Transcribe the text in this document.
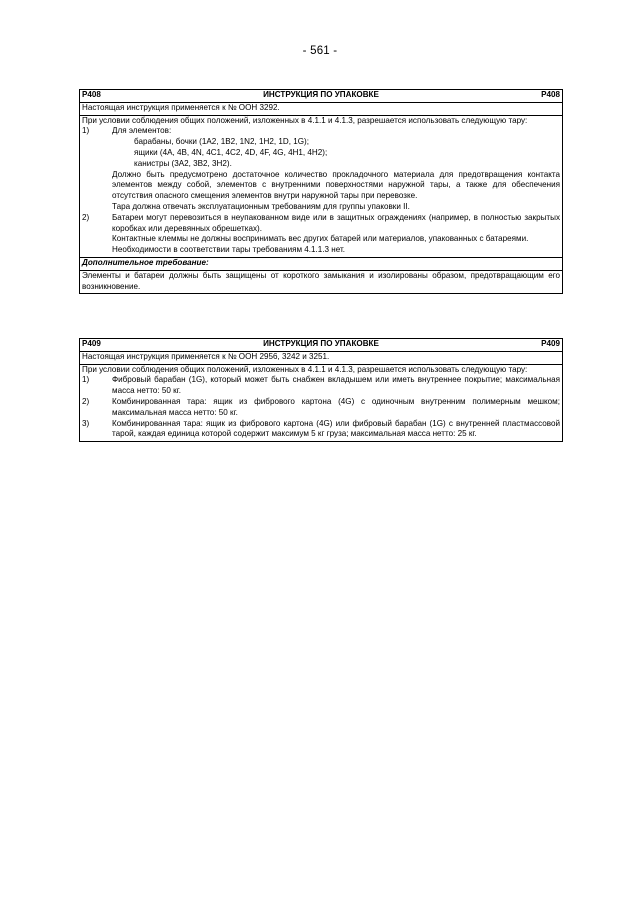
- 561 -
P408	ИНСТРУКЦИЯ ПО УПАКОВКЕ	P408

Настоящая инструкция применяется к № ООН 3292.

При условии соблюдения общих положений, изложенных в 4.1.1 и 4.1.3, разрешается использовать следующую тару:
1)	Для элементов:
барабаны, бочки (1A2, 1B2, 1N2, 1H2, 1D, 1G);
ящики (4A, 4B, 4N, 4C1, 4C2, 4D, 4F, 4G, 4H1, 4H2);
канистры (3A2, 3B2, 3H2).
Должно быть предусмотрено достаточное количество прокладочного материала для предотвращения контакта элементов между собой, элементов с внутренними поверхностями наружной тары, а также для обеспечения отсутствия опасного смещения элементов внутри наружной тары при перевозке.
Тара должна отвечать эксплуатационным требованиям для группы упаковки II.
2)	Батареи могут перевозиться в неупакованном виде или в защитных ограждениях (например, в полностью закрытых коробках или деревянных обрешетках).
Контактные клеммы не должны воспринимать вес других батарей или материалов, упакованных с батареями.
Необходимости в соответствии тары требованиям 4.1.1.3 нет.

Дополнительное требование:

Элементы и батареи должны быть защищены от короткого замыкания и изолированы образом, предотвращающим его возникновение.
P409	ИНСТРУКЦИЯ ПО УПАКОВКЕ	P409

Настоящая инструкция применяется к № ООН 2956, 3242 и 3251.

При условии соблюдения общих положений, изложенных в 4.1.1 и 4.1.3, разрешается использовать следующую тару:
1)	Фибровый барабан (1G), который может быть снабжен вкладышем или иметь внутреннее покрытие; максимальная масса нетто: 50 кг.
2)	Комбинированная тара: ящик из фибрового картона (4G) с одиночным внутренним полимерным мешком; максимальная масса нетто: 50 кг.
3)	Комбинированная тара: ящик из фибрового картона (4G) или фибровый барабан (1G) с внутренней пластмассовой тарой, каждая единица которой содержит максимум 5 кг груза; максимальная масса нетто: 25 кг.
